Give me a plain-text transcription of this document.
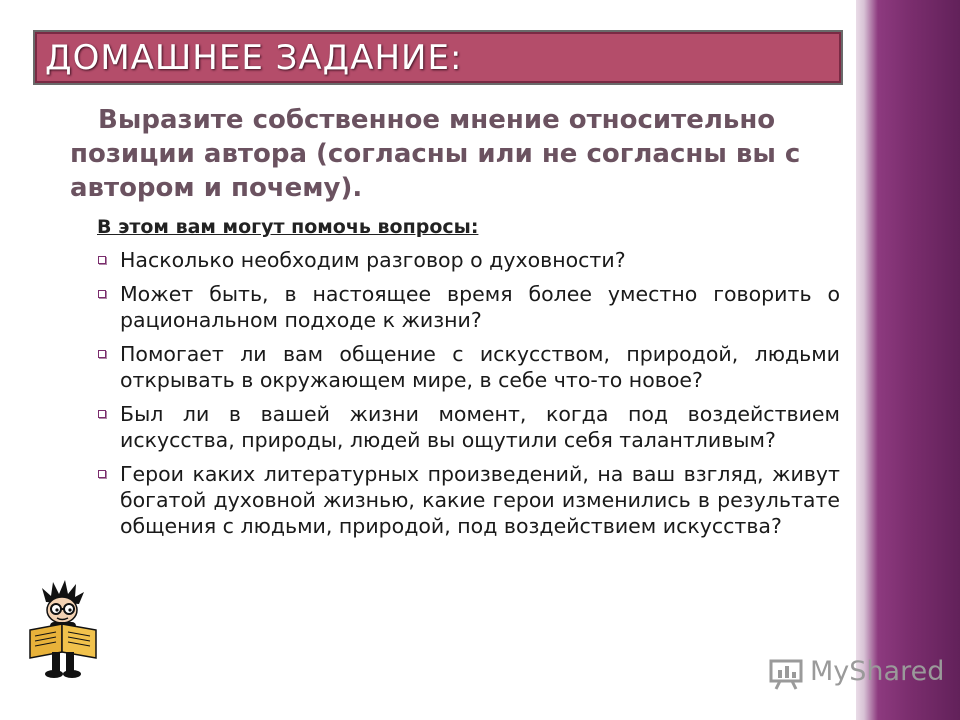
ДОМАШНЕЕ ЗАДАНИЕ:
Выразите собственное мнение относительно
позиции автора (согласны или не согласны вы с автором и почему).
В этом вам могут помочь вопросы:
Насколько необходим разговор о духовности?
Может быть, в настоящее время более уместно говорить о рациональном подходе к жизни?
Помогает ли вам общение с искусством, природой, людьми открывать в окружающем мире, в себе что-то новое?
Был ли в вашей жизни момент, когда под воздействием искусства, природы, людей вы ощутили себя талантливым?
Герои каких литературных произведений, на ваш взгляд, живут богатой духовной жизнью, какие герои изменились в результате общения с людьми, природой, под воздействием искусства?
MyShared
